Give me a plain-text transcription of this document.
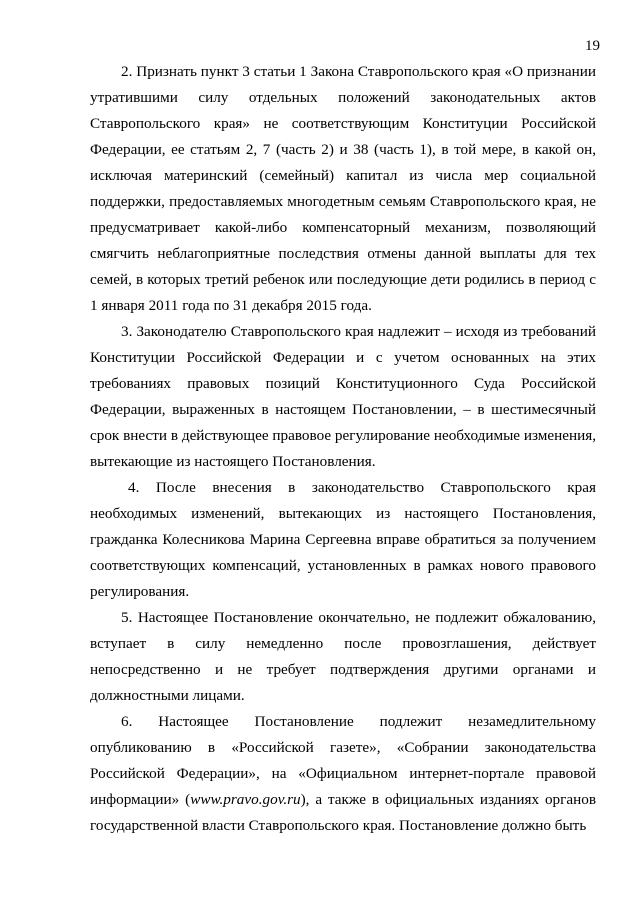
19

2. Признать пункт 3 статьи 1 Закона Ставропольского края «О признании утратившими силу отдельных положений законодательных актов Ставропольского края» не соответствующим Конституции Российской Федерации, ее статьям 2, 7 (часть 2) и 38 (часть 1), в той мере, в какой он, исключая материнский (семейный) капитал из числа мер социальной поддержки, предоставляемых многодетным семьям Ставропольского края, не предусматривает какой-либо компенсаторный механизм, позволяющий смягчить неблагоприятные последствия отмены данной выплаты для тех семей, в которых третий ребенок или последующие дети родились в период с 1 января 2011 года по 31 декабря 2015 года.

3. Законодателю Ставропольского края надлежит – исходя из требований Конституции Российской Федерации и с учетом основанных на этих требованиях правовых позиций Конституционного Суда Российской Федерации, выраженных в настоящем Постановлении, – в шестимесячный срок внести в действующее правовое регулирование необходимые изменения, вытекающие из настоящего Постановления.

4. После внесения в законодательство Ставропольского края необходимых изменений, вытекающих из настоящего Постановления, гражданка Колесникова Марина Сергеевна вправе обратиться за получением соответствующих компенсаций, установленных в рамках нового правового регулирования.

5. Настоящее Постановление окончательно, не подлежит обжалованию, вступает в силу немедленно после провозглашения, действует непосредственно и не требует подтверждения другими органами и должностными лицами.

6. Настоящее Постановление подлежит незамедлительному опубликованию в «Российской газете», «Собрании законодательства Российской Федерации», на «Официальном интернет-портале правовой информации» (www.pravo.gov.ru), а также в официальных изданиях органов государственной власти Ставропольского края. Постановление должно быть
